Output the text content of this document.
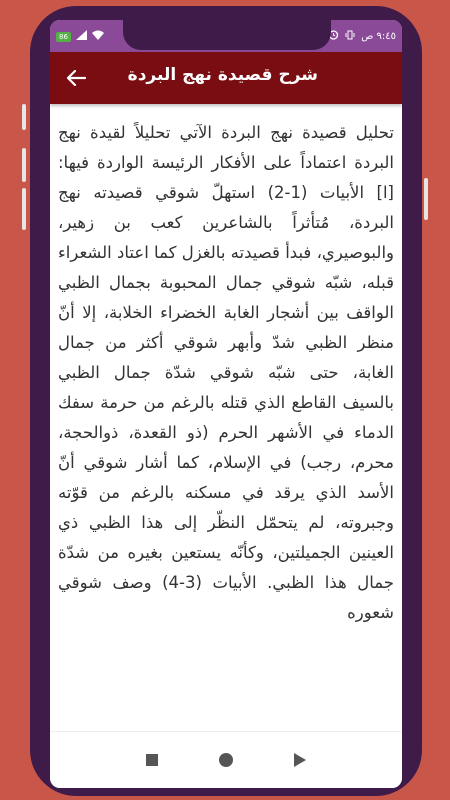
86	٩:٤٥ ص
شرح قصيدة نهج البردة

تحليل قصيدة نهج البردة الآتي تحليلاً لقيدة نهج البردة اعتماداً على الأفكار الرئيسة الواردة فيها: [ا] الأبيات (1-2) استهلّ شوقي قصيدته نهج البردة، مُتأثراً بالشاعرين كعب بن زهير، والبوصيري، فبدأ قصيدته بالغزل كما اعتاد الشعراء قبله، شبّه شوقي جمال المحبوبة بجمال الظبي الواقف بين أشجار الغابة الخضراء الخلابة، إلا أنّ منظر الظبي شدّ وأبهر شوقي أكثر من جمال الغابة، حتى شبّه شوقي شدّة جمال الظبي بالسيف القاطع الذي قتله بالرغم من حرمة سفك الدماء في الأشهر الحرم (ذو القعدة، ذوالحجة، محرم، رجب) في الإسلام، كما أشار شوقي أنّ الأسد الذي يرقد في مسكنه بالرغم من قوّته وجبروته، لم يتحمّل النظّر إلى هذا الظبي ذي العينين الجميلتين، وكأنّه يستعين بغيره من شدّة جمال هذا الظبي. الأبيات (3-4) وصف شوقي شعوره
